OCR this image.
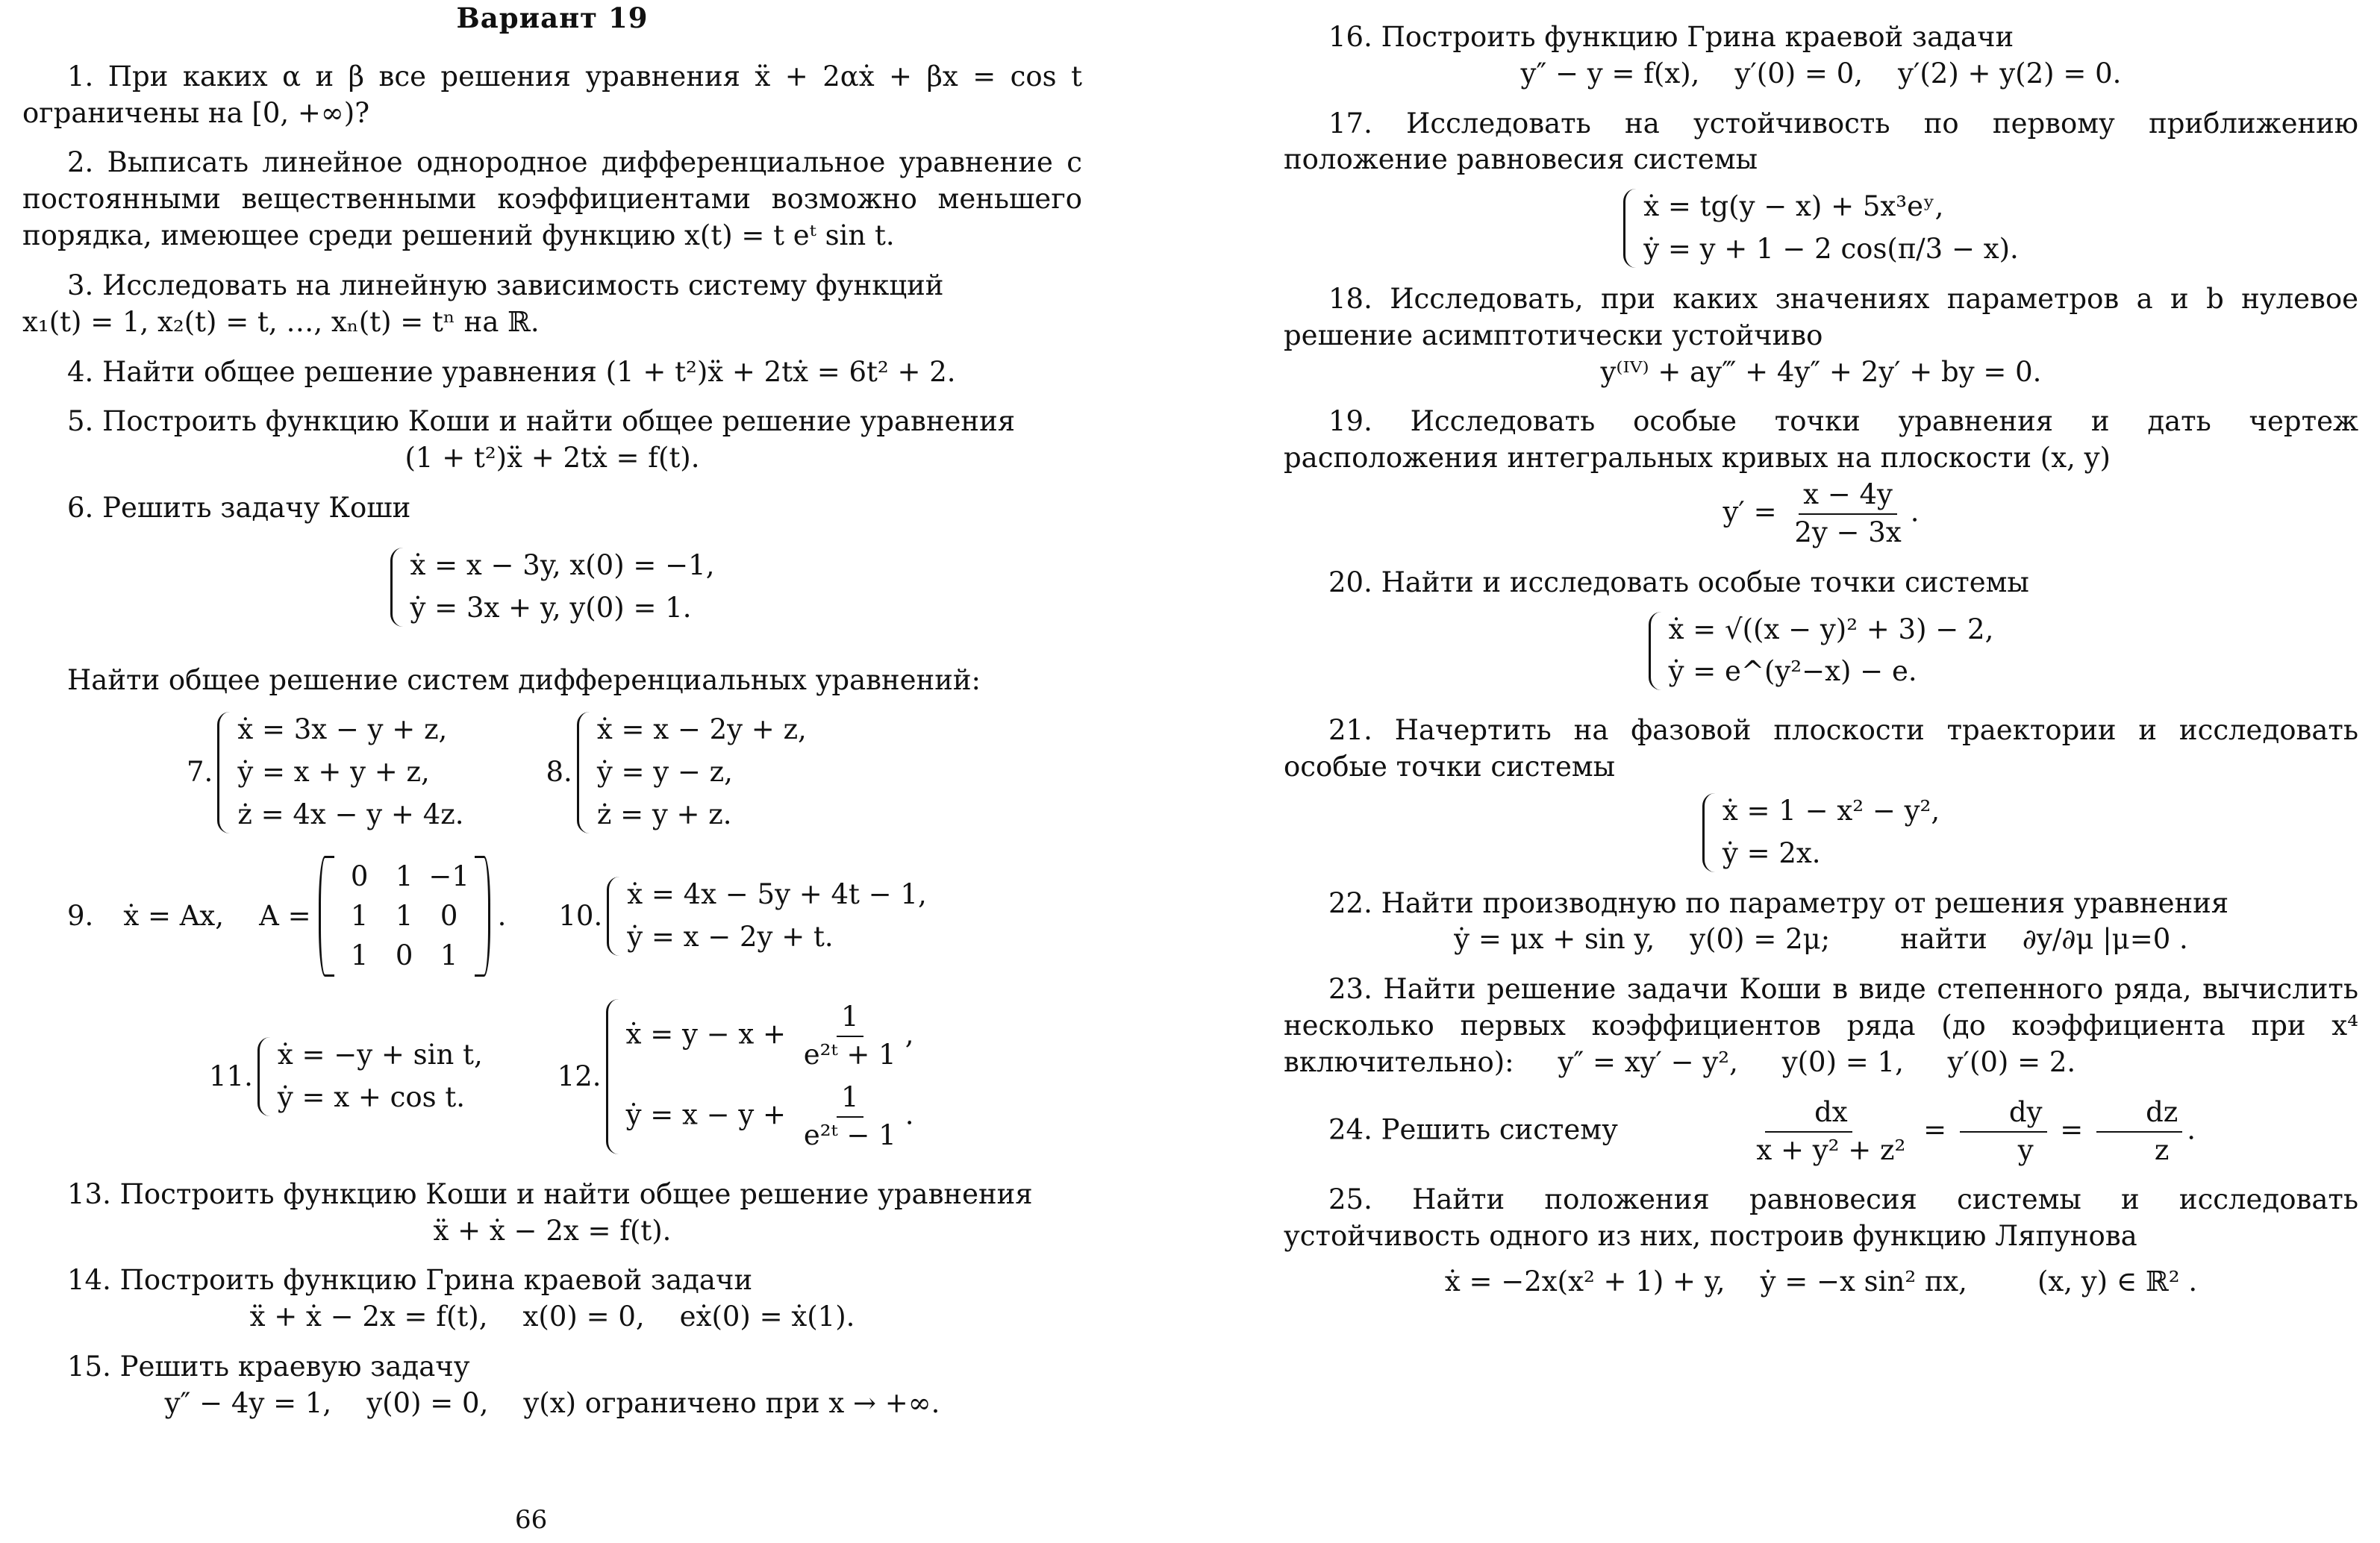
Вариант 19

1. При каких α и β все решения уравнения ẍ + 2αẋ + βx = cos t ограничены на [0, +∞)?

2. Выписать линейное однородное дифференциальное уравнение с постоянными вещественными коэффициентами возможно меньшего порядка, имеющее среди решений функцию x(t) = t eᵗ sin t.

3. Исследовать на линейную зависимость систему функций

x₁(t) = 1, x₂(t) = t, …, xₙ(t) = tⁿ на ℝ.

4. Найти общее решение уравнения (1 + t²)ẍ + 2tẋ = 6t² + 2.

5. Построить функцию Коши и найти общее решение уравнения

(1 + t²)ẍ + 2tẋ = f(t).

6. Решить задачу Коши

ẋ = x − 3y, x(0) = −1,
ẏ = 3x + y, y(0) = 1.

Найти общее решение систем дифференциальных уравнений:

7.
ẋ = 3x − y + z,
ẏ = x + y + z,
ż = 4x − y + 4z.
8.
ẋ = x − 2y + z,
ẏ = y − z,
ż = y + z.
9. ẋ = Ax,    A =
0 1 −1
1 1 0
1 0 1
. 10.
ẋ = 4x − 5y + 4t − 1,
ẏ = x − 2y + t.
11.
ẋ = −y + sin t,
ẏ = x + cos t.
12.
ẋ = $y - x + \frac{1}{\text{e²ᵗ + 1}}$ ,
ẏ = $x - y + \frac{1}{\text{e²ᵗ − 1}}$ .

13. Построить функцию Коши и найти общее решение уравнения

ẍ + ẋ − 2x = f(t).

14. Построить функцию Грина краевой задачи

ẍ + ẋ − 2x = f(t),    x(0) = 0,    eẋ(0) = ẋ(1).

15. Решить краевую задачу

y″ − 4y = 1,    y(0) = 0,    y(x) ограничено при x → +∞.
66

16. Построить функцию Грина краевой задачи

y″ − y = f(x),    y′(0) = 0,    y′(2) + y(2) = 0.

17. Исследовать на устойчивость по первому приближению положение равновесия системы

ẋ = tg(y − x) + 5x³eʸ,
ẏ = y + 1 − 2 cos(π/3 − x).

18. Исследовать, при каких значениях параметров a и b нулевое решение асимптотически устойчиво

y⁽ᴵⱽ⁾ + ay‴ + 4y″ + 2y′ + by = 0.

19. Исследовать особые точки уравнения и дать чертеж расположения интегральных кривых на плоскости (x, y)

$y' = \frac{x - 4y}{2y - 3x}$ .

20. Найти и исследовать особые точки системы

ẋ = √((x − y)² + 3) − 2,
ẏ = e^(y²−x) − e.

21. Начертить на фазовой плоскости траектории и исследовать особые точки системы

ẋ = 1 − x² − y²,
ẏ = 2x.

22. Найти производную по параметру от решения уравнения

ẏ = μx + sin y,    y(0) = 2μ;        найти    ∂y/∂μ |μ=0 .

23. Найти решение задачи Коши в виде степенного ряда, вычислить несколько первых коэффициентов ряда (до коэффициента при x⁴ включительно):     y″ = xy′ − y²,     y(0) = 1,     y′(0) = 2.

24. Решить систему	$\frac{dx}{\text{x + y² + z²}} = \frac{dy}{y} = \frac{dz}{z}$ .

25. Найти положения равновесия системы и исследовать устойчивость одного из них, построив функцию Ляпунова

ẋ = −2x(x² + 1) + y,    ẏ = −x sin² πx,        (x, y) ∈ ℝ² .
